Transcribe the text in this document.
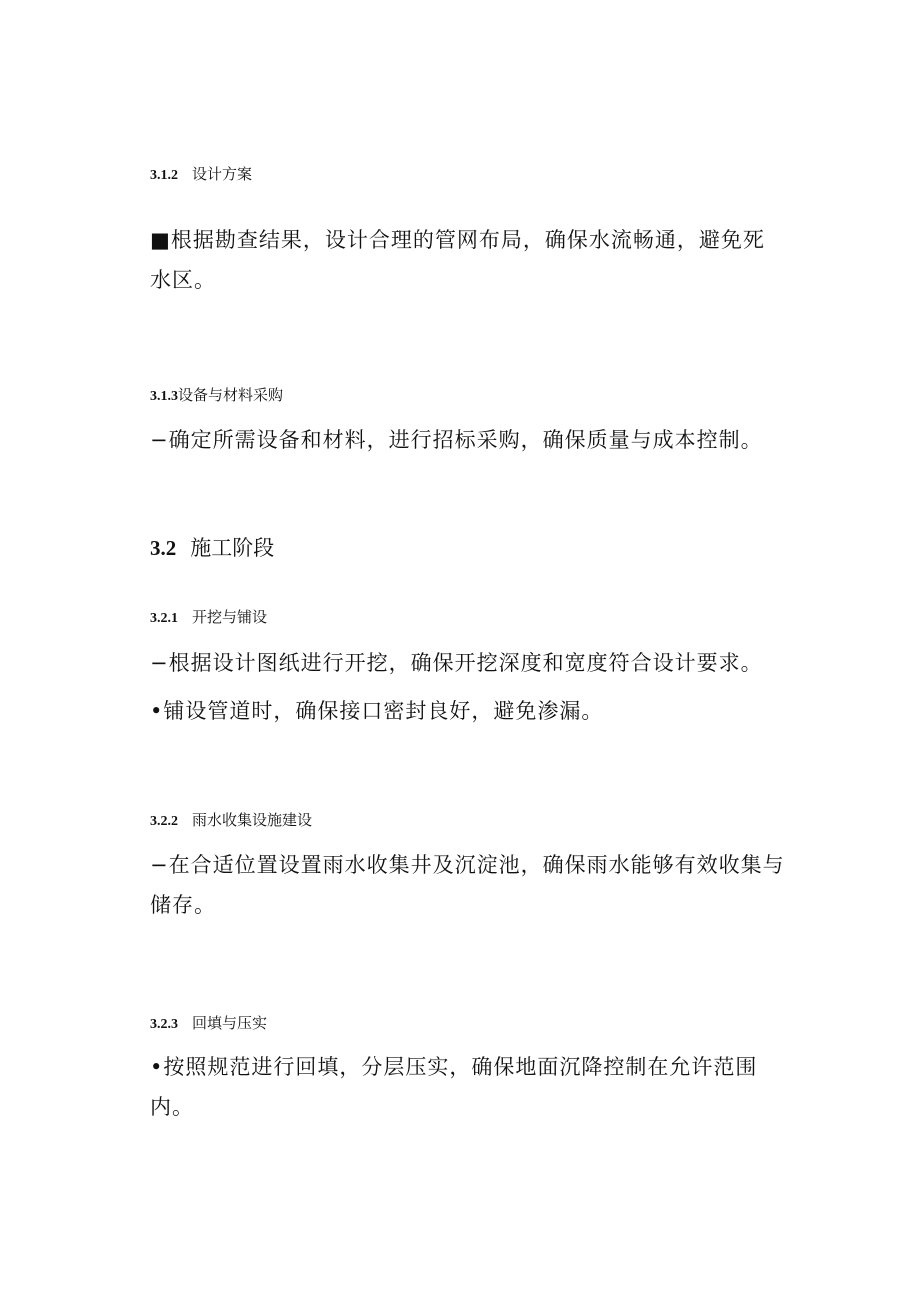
3.1.2 设计方案
■根据勘查结果，设计合理的管网布局，确保水流畅通，避免死
水区。
3.1.3设备与材料采购
−确定所需设备和材料，进行招标采购，确保质量与成本控制。
3.2 施工阶段
3.2.1 开挖与铺设
−根据设计图纸进行开挖，确保开挖深度和宽度符合设计要求。
•铺设管道时，确保接口密封良好，避免渗漏。
3.2.2 雨水收集设施建设
−在合适位置设置雨水收集井及沉淀池，确保雨水能够有效收集与
储存。
3.2.3 回填与压实
•按照规范进行回填，分层压实，确保地面沉降控制在允许范围
内。
